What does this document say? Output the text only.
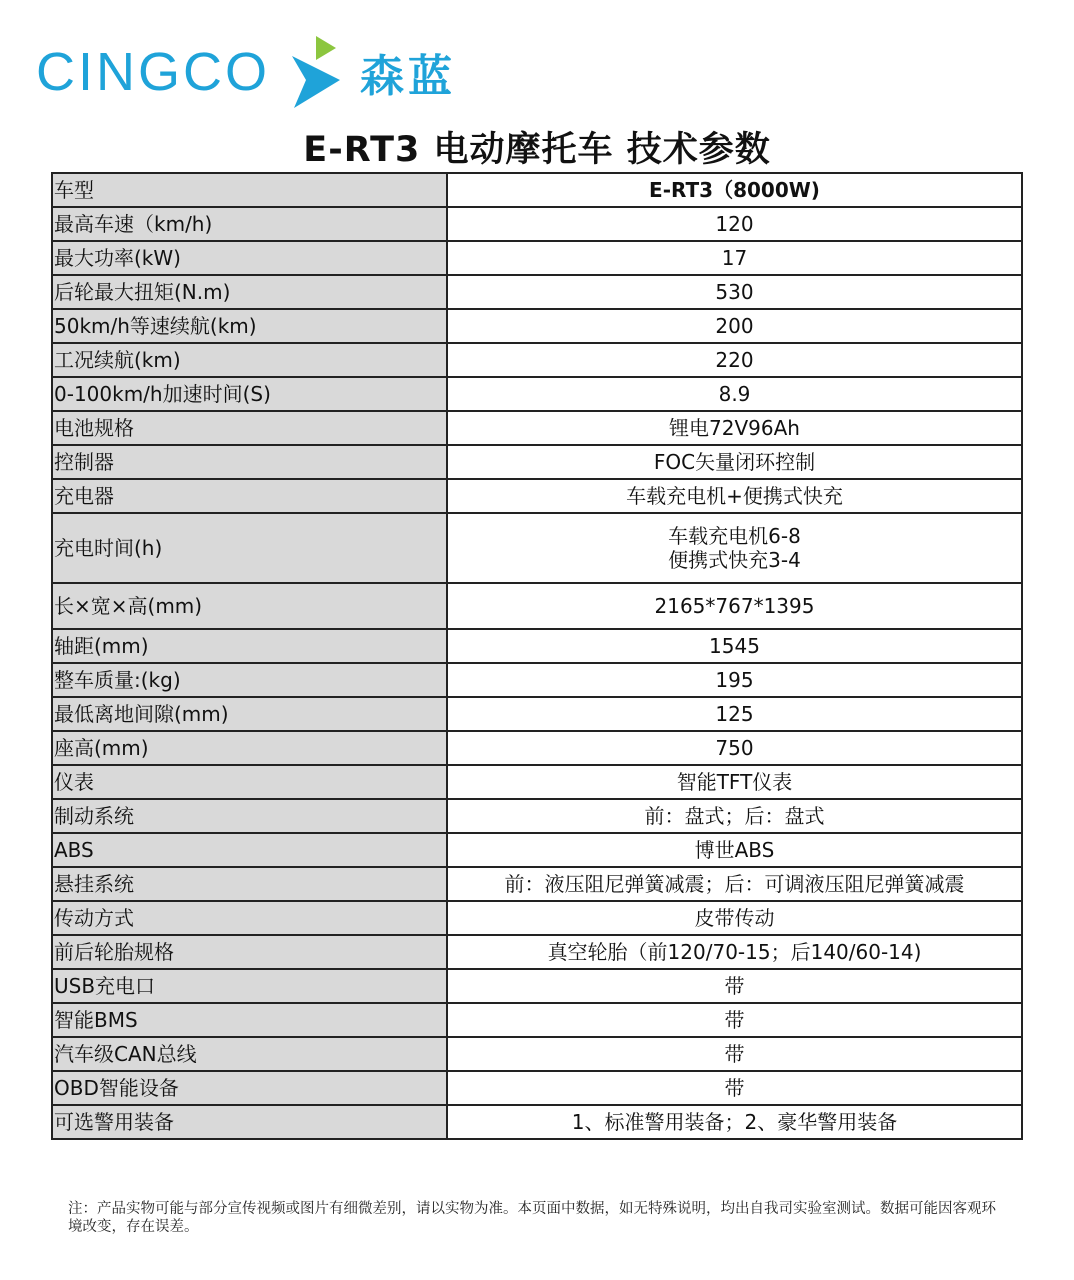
CINGCO 森蓝
E-RT3 电动摩托车 技术参数
车型	E-RT3（8000W)
最高车速（km/h)	120
最大功率(kW)	17
后轮最大扭矩(N.m)	530
50km/h等速续航(km)	200
工况续航(km)	220
0-100km/h加速时间(S)	8.9
电池规格	锂电72V96Ah
控制器	FOC矢量闭环控制
充电器	车载充电机+便携式快充
充电时间(h)	车载充电机6-8
便携式快充3-4

长×宽×高(mm)	2165*767*1395
轴距(mm)	1545
整车质量:(kg)	195
最低离地间隙(mm)	125
座高(mm)	750
仪表	智能TFT仪表
制动系统	前：盘式；后：盘式
ABS	博世ABS
悬挂系统	前：液压阻尼弹簧减震；后：可调液压阻尼弹簧减震
传动方式	皮带传动
前后轮胎规格	真空轮胎（前120/70-15；后140/60-14)
USB充电口	带
智能BMS	带
汽车级CAN总线	带
OBD智能设备	带
可选警用装备	1、标准警用装备；2、豪华警用装备
注：产品实物可能与部分宣传视频或图片有细微差别，请以实物为准。本页面中数据，如无特殊说明，均出自我司实验室测试。数据可能因客观环境改变，存在误差。
